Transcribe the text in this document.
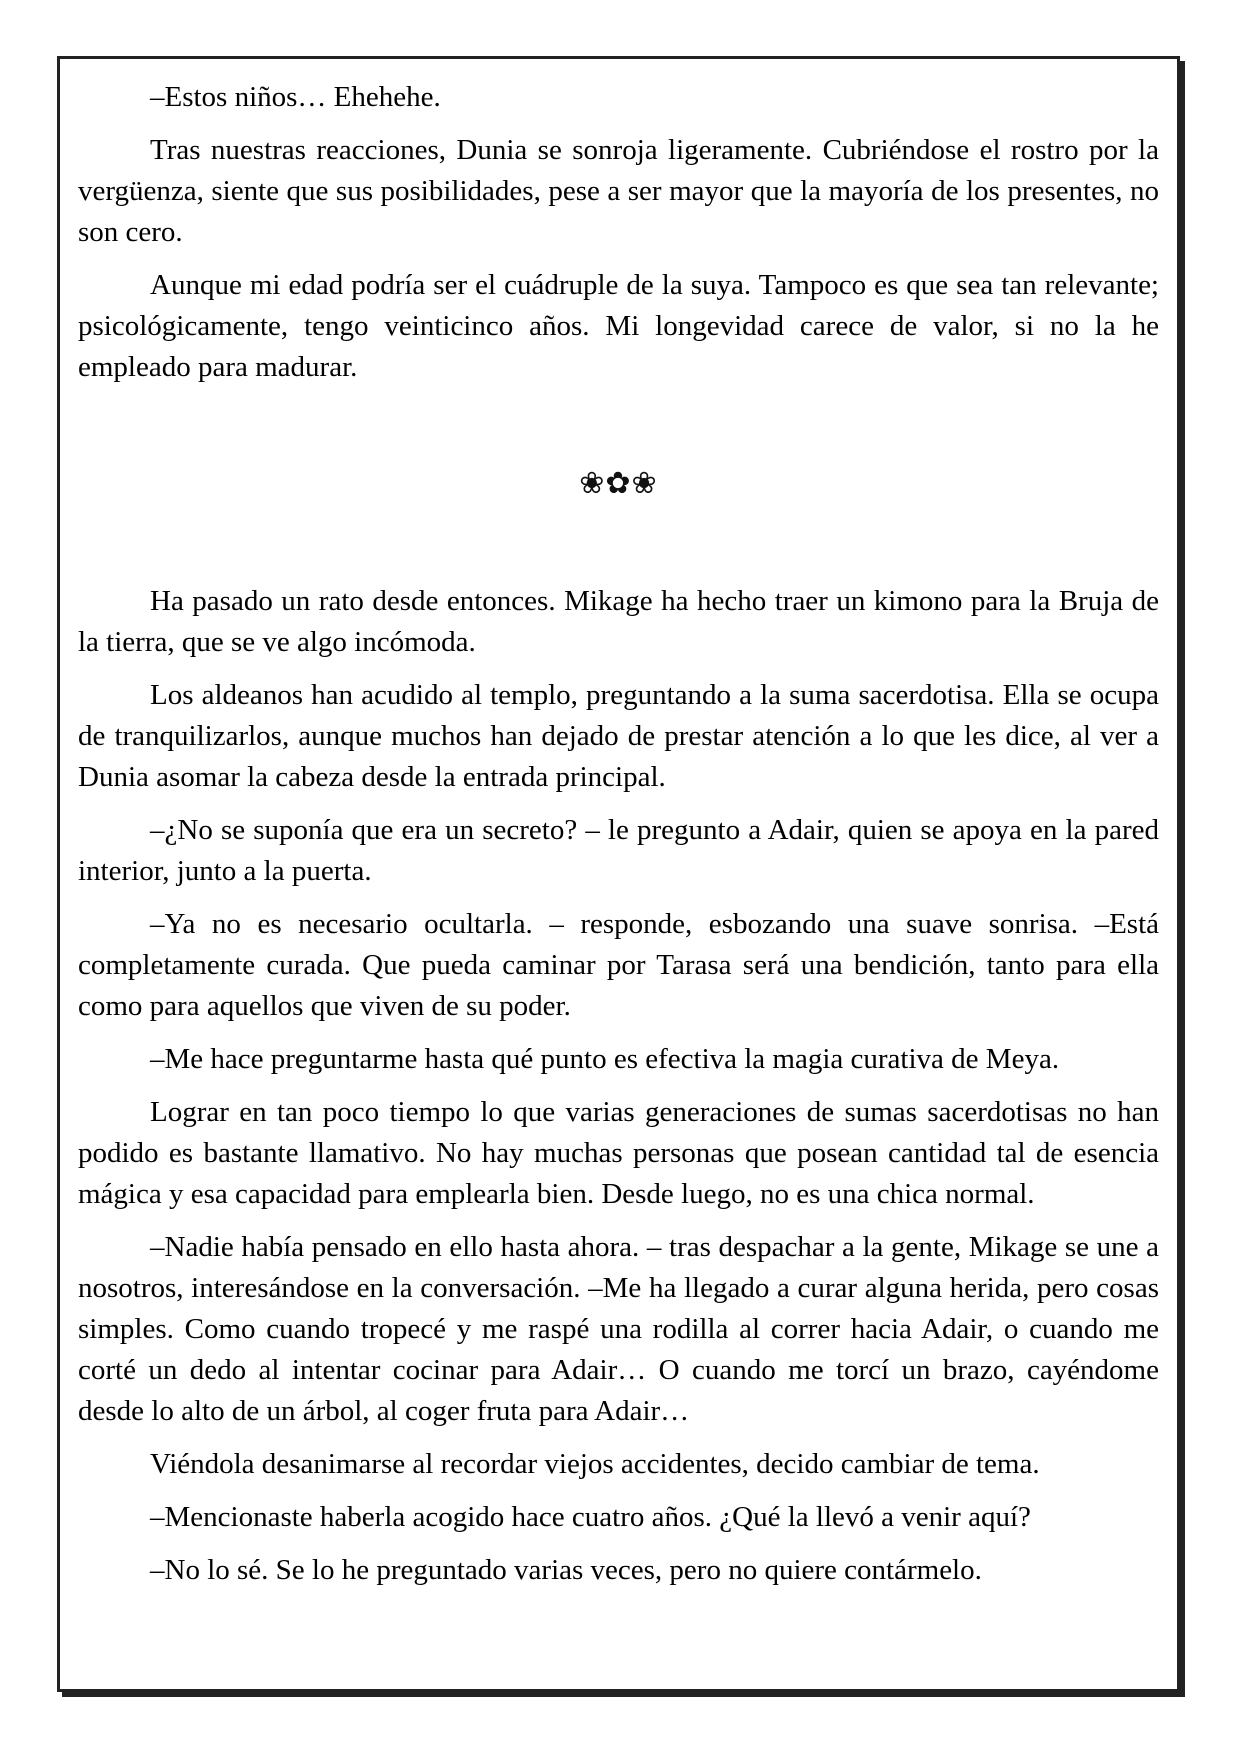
–Estos niños… Ehehehe.

Tras nuestras reacciones, Dunia se sonroja ligeramente. Cubriéndose el rostro por la vergüenza, siente que sus posibilidades, pese a ser mayor que la mayoría de los presentes, no son cero.

Aunque mi edad podría ser el cuádruple de la suya. Tampoco es que sea tan relevante; psicológicamente, tengo veinticinco años. Mi longevidad carece de valor, si no la he empleado para madurar.

❀✿❀

Ha pasado un rato desde entonces. Mikage ha hecho traer un kimono para la Bruja de la tierra, que se ve algo incómoda.

Los aldeanos han acudido al templo, preguntando a la suma sacerdotisa. Ella se ocupa de tranquilizarlos, aunque muchos han dejado de prestar atención a lo que les dice, al ver a Dunia asomar la cabeza desde la entrada principal.

–¿No se suponía que era un secreto? – le pregunto a Adair, quien se apoya en la pared interior, junto a la puerta.

–Ya no es necesario ocultarla. – responde, esbozando una suave sonrisa. –Está completamente curada. Que pueda caminar por Tarasa será una bendición, tanto para ella como para aquellos que viven de su poder.

–Me hace preguntarme hasta qué punto es efectiva la magia curativa de Meya.

Lograr en tan poco tiempo lo que varias generaciones de sumas sacerdotisas no han podido es bastante llamativo. No hay muchas personas que posean cantidad tal de esencia mágica y esa capacidad para emplearla bien. Desde luego, no es una chica normal.

–Nadie había pensado en ello hasta ahora. – tras despachar a la gente, Mikage se une a nosotros, interesándose en la conversación. –Me ha llegado a curar alguna herida, pero cosas simples. Como cuando tropecé y me raspé una rodilla al correr hacia Adair, o cuando me corté un dedo al intentar cocinar para Adair… O cuando me torcí un brazo, cayéndome desde lo alto de un árbol, al coger fruta para Adair…

Viéndola desanimarse al recordar viejos accidentes, decido cambiar de tema.

–Mencionaste haberla acogido hace cuatro años. ¿Qué la llevó a venir aquí?

–No lo sé. Se lo he preguntado varias veces, pero no quiere contármelo.
